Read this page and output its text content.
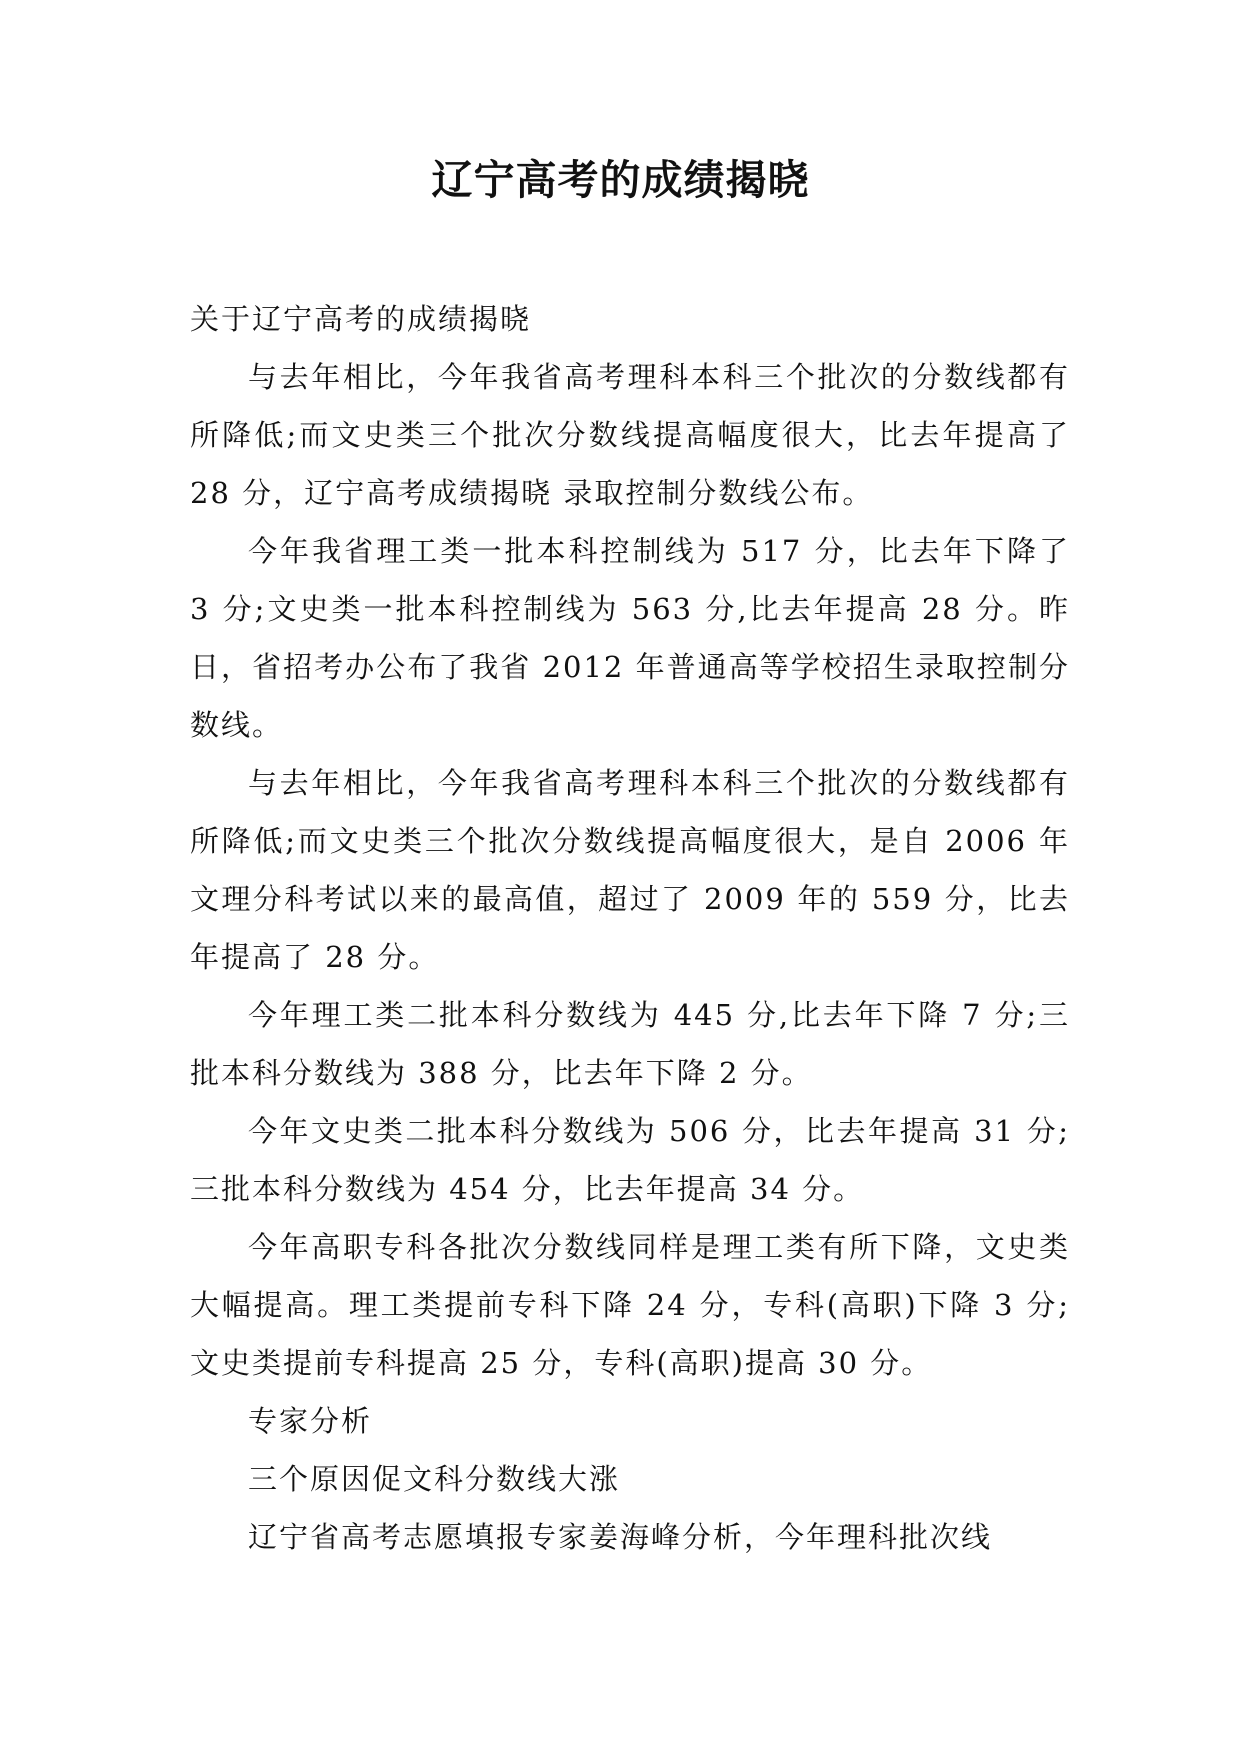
辽宁高考的成绩揭晓

关于辽宁高考的成绩揭晓

与去年相比，今年我省高考理科本科三个批次的分数线都有所降低;而文史类三个批次分数线提高幅度很大，比去年提高了 28 分，辽宁高考成绩揭晓 录取控制分数线公布。

今年我省理工类一批本科控制线为 517 分，比去年下降了 3 分;文史类一批本科控制线为 563 分,比去年提高 28 分。昨日，省招考办公布了我省 2012 年普通高等学校招生录取控制分数线。

与去年相比，今年我省高考理科本科三个批次的分数线都有所降低;而文史类三个批次分数线提高幅度很大，是自 2006 年文理分科考试以来的最高值，超过了 2009 年的 559 分，比去年提高了 28 分。

今年理工类二批本科分数线为 445 分,比去年下降 7 分;三批本科分数线为 388 分，比去年下降 2 分。

今年文史类二批本科分数线为 506 分，比去年提高 31 分;三批本科分数线为 454 分，比去年提高 34 分。

今年高职专科各批次分数线同样是理工类有所下降，文史类大幅提高。理工类提前专科下降 24 分，专科(高职)下降 3 分;文史类提前专科提高 25 分，专科(高职)提高 30 分。

专家分析

三个原因促文科分数线大涨

辽宁省高考志愿填报专家姜海峰分析，今年理科批次线
